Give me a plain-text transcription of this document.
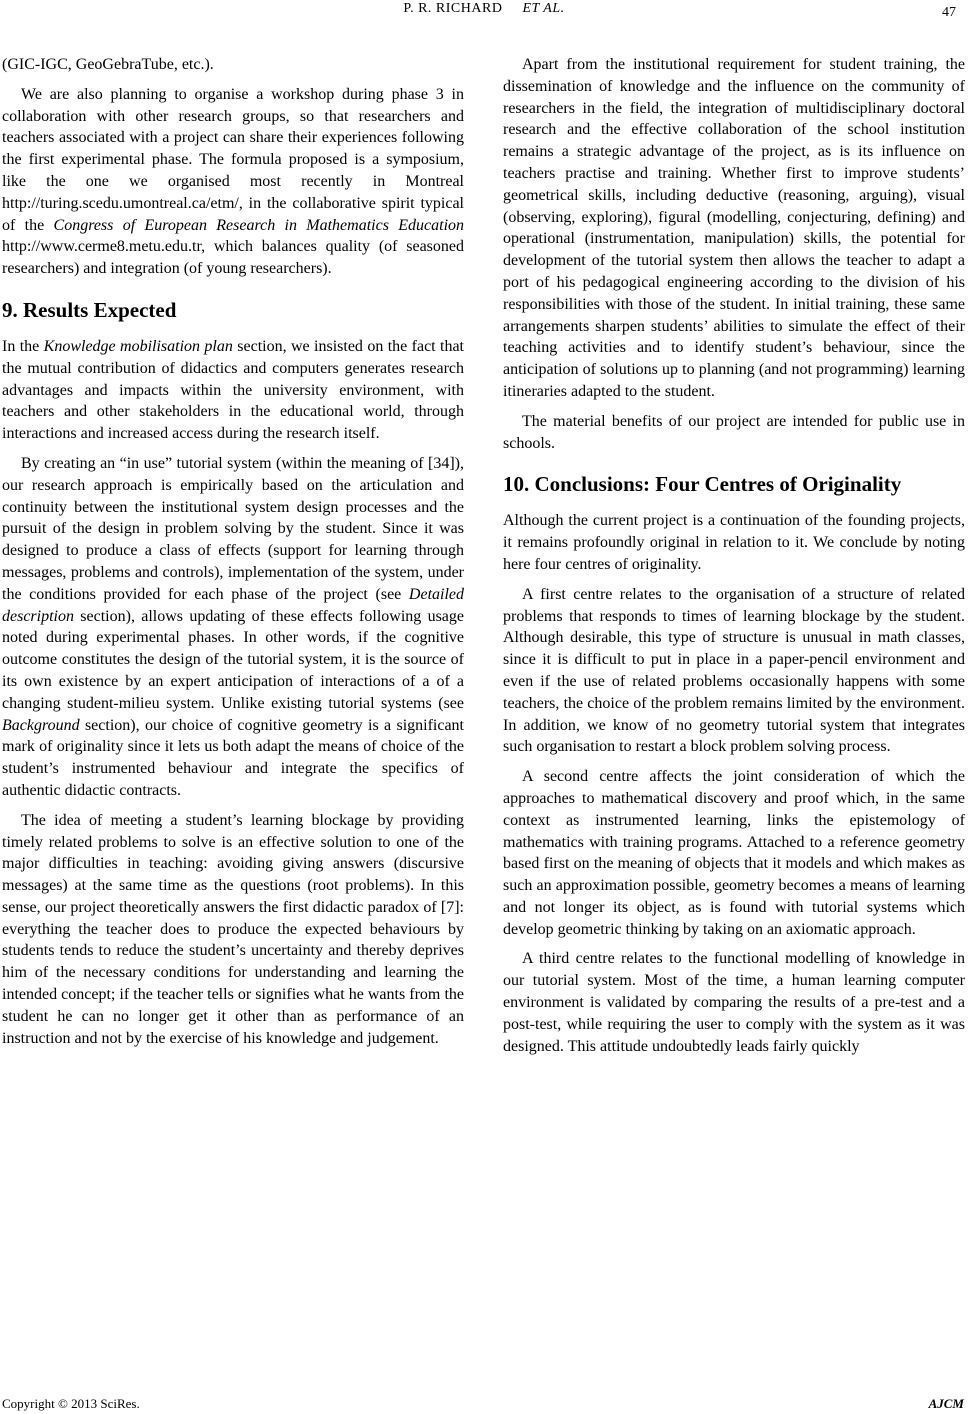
P. R. RICHARD ET AL.	47

(GIC-IGC, GeoGebraTube, etc.).

We are also planning to organise a workshop during phase 3 in collaboration with other research groups, so that researchers and teachers associated with a project can share their experiences following the first experimental phase. The formula proposed is a symposium, like the one we organised most recently in Montreal http://turing.scedu.umontreal.ca/etm/, in the collaborative spirit typical of the Congress of European Research in Mathematics Education http://www.cerme8.metu.edu.tr, which balances quality (of seasoned researchers) and integration (of young researchers).

9. Results Expected

In the Knowledge mobilisation plan section, we insisted on the fact that the mutual contribution of didactics and computers generates research advantages and impacts within the university environment, with teachers and other stakeholders in the educational world, through interactions and increased access during the research itself.

By creating an “in use” tutorial system (within the meaning of [34]), our research approach is empirically based on the articulation and continuity between the institutional system design processes and the pursuit of the design in problem solving by the student. Since it was designed to produce a class of effects (support for learning through messages, problems and controls), implementation of the system, under the conditions provided for each phase of the project (see Detailed description section), allows updating of these effects following usage noted during experimental phases. In other words, if the cognitive outcome constitutes the design of the tutorial system, it is the source of its own existence by an expert anticipation of interactions of a of a changing student-milieu system. Unlike existing tutorial systems (see Background section), our choice of cognitive geometry is a significant mark of originality since it lets us both adapt the means of choice of the student’s instrumented behaviour and integrate the specifics of authentic didactic contracts.

The idea of meeting a student’s learning blockage by providing timely related problems to solve is an effective solution to one of the major difficulties in teaching: avoiding giving answers (discursive messages) at the same time as the questions (root problems). In this sense, our project theoretically answers the first didactic paradox of [7]: everything the teacher does to produce the expected behaviours by students tends to reduce the student’s uncertainty and thereby deprives him of the necessary conditions for understanding and learning the intended concept; if the teacher tells or signifies what he wants from the student he can no longer get it other than as performance of an instruction and not by the exercise of his knowledge and judgement.

Apart from the institutional requirement for student training, the dissemination of knowledge and the influence on the community of researchers in the field, the integration of multidisciplinary doctoral research and the effective collaboration of the school institution remains a strategic advantage of the project, as is its influence on teachers practise and training. Whether first to improve students’ geometrical skills, including deductive (reasoning, arguing), visual (observing, exploring), figural (modelling, conjecturing, defining) and operational (instrumentation, manipulation) skills, the potential for development of the tutorial system then allows the teacher to adapt a port of his pedagogical engineering according to the division of his responsibilities with those of the student. In initial training, these same arrangements sharpen students’ abilities to simulate the effect of their teaching activities and to identify student’s behaviour, since the anticipation of solutions up to planning (and not programming) learning itineraries adapted to the student.

The material benefits of our project are intended for public use in schools.

10. Conclusions: Four Centres of Originality

Although the current project is a continuation of the founding projects, it remains profoundly original in relation to it. We conclude by noting here four centres of originality.

A first centre relates to the organisation of a structure of related problems that responds to times of learning blockage by the student. Although desirable, this type of structure is unusual in math classes, since it is difficult to put in place in a paper-pencil environment and even if the use of related problems occasionally happens with some teachers, the choice of the problem remains limited by the environment. In addition, we know of no geometry tutorial system that integrates such organisation to restart a block problem solving process.

A second centre affects the joint consideration of which the approaches to mathematical discovery and proof which, in the same context as instrumented learning, links the epistemology of mathematics with training programs. Attached to a reference geometry based first on the meaning of objects that it models and which makes as such an approximation possible, geometry becomes a means of learning and not longer its object, as is found with tutorial systems which develop geometric thinking by taking on an axiomatic approach.

A third centre relates to the functional modelling of knowledge in our tutorial system. Most of the time, a human learning computer environment is validated by comparing the results of a pre-test and a post-test, while requiring the user to comply with the system as it was designed. This attitude undoubtedly leads fairly quickly

Copyright © 2013 SciRes.	AJCM
